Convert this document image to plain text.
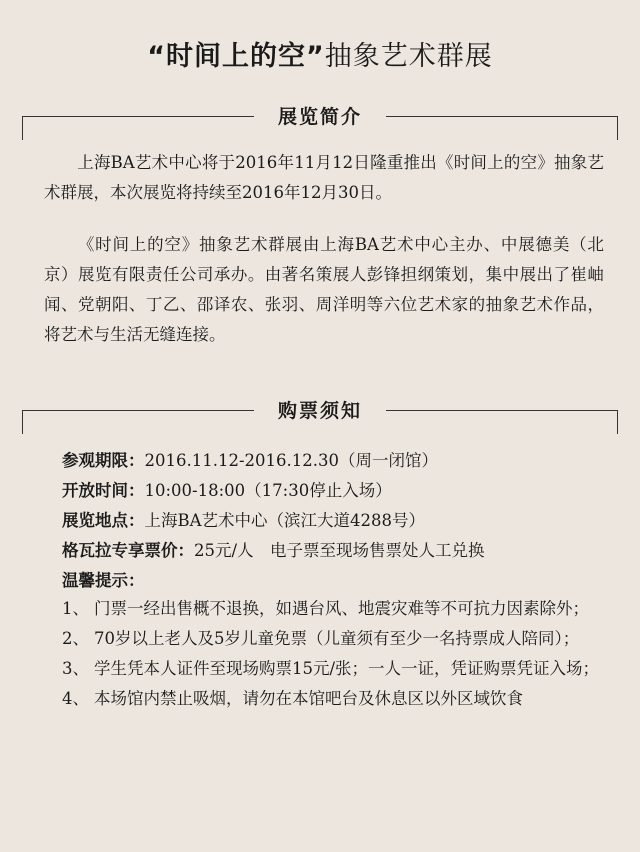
“时间上的空”抽象艺术群展
展览简介

上海BA艺术中心将于2016年11月12日隆重推出《时间上的空》抽象艺术群展，本次展览将持续至2016年12月30日。

《时间上的空》抽象艺术群展由上海BA艺术中心主办、中展德美（北京）展览有限责任公司承办。由著名策展人彭锋担纲策划，集中展出了崔岫闻、党朝阳、丁乙、邵译农、张羽、周洋明等六位艺术家的抽象艺术作品，将艺术与生活无缝连接。

购票须知
参观期限：2016.11.12-2016.12.30（周一闭馆）
开放时间：10:00-18:00（17:30停止入场）
展览地点：上海BA艺术中心（滨江大道4288号）
格瓦拉专享票价：25元/人　电子票至现场售票处人工兑换
温馨提示：
1、 门票一经出售概不退换，如遇台风、地震灾难等不可抗力因素除外；
2、 70岁以上老人及5岁儿童免票（儿童须有至少一名持票成人陪同）；
3、 学生凭本人证件至现场购票15元/张；一人一证，凭证购票凭证入场；
4、 本场馆内禁止吸烟，请勿在本馆吧台及休息区以外区域饮食
